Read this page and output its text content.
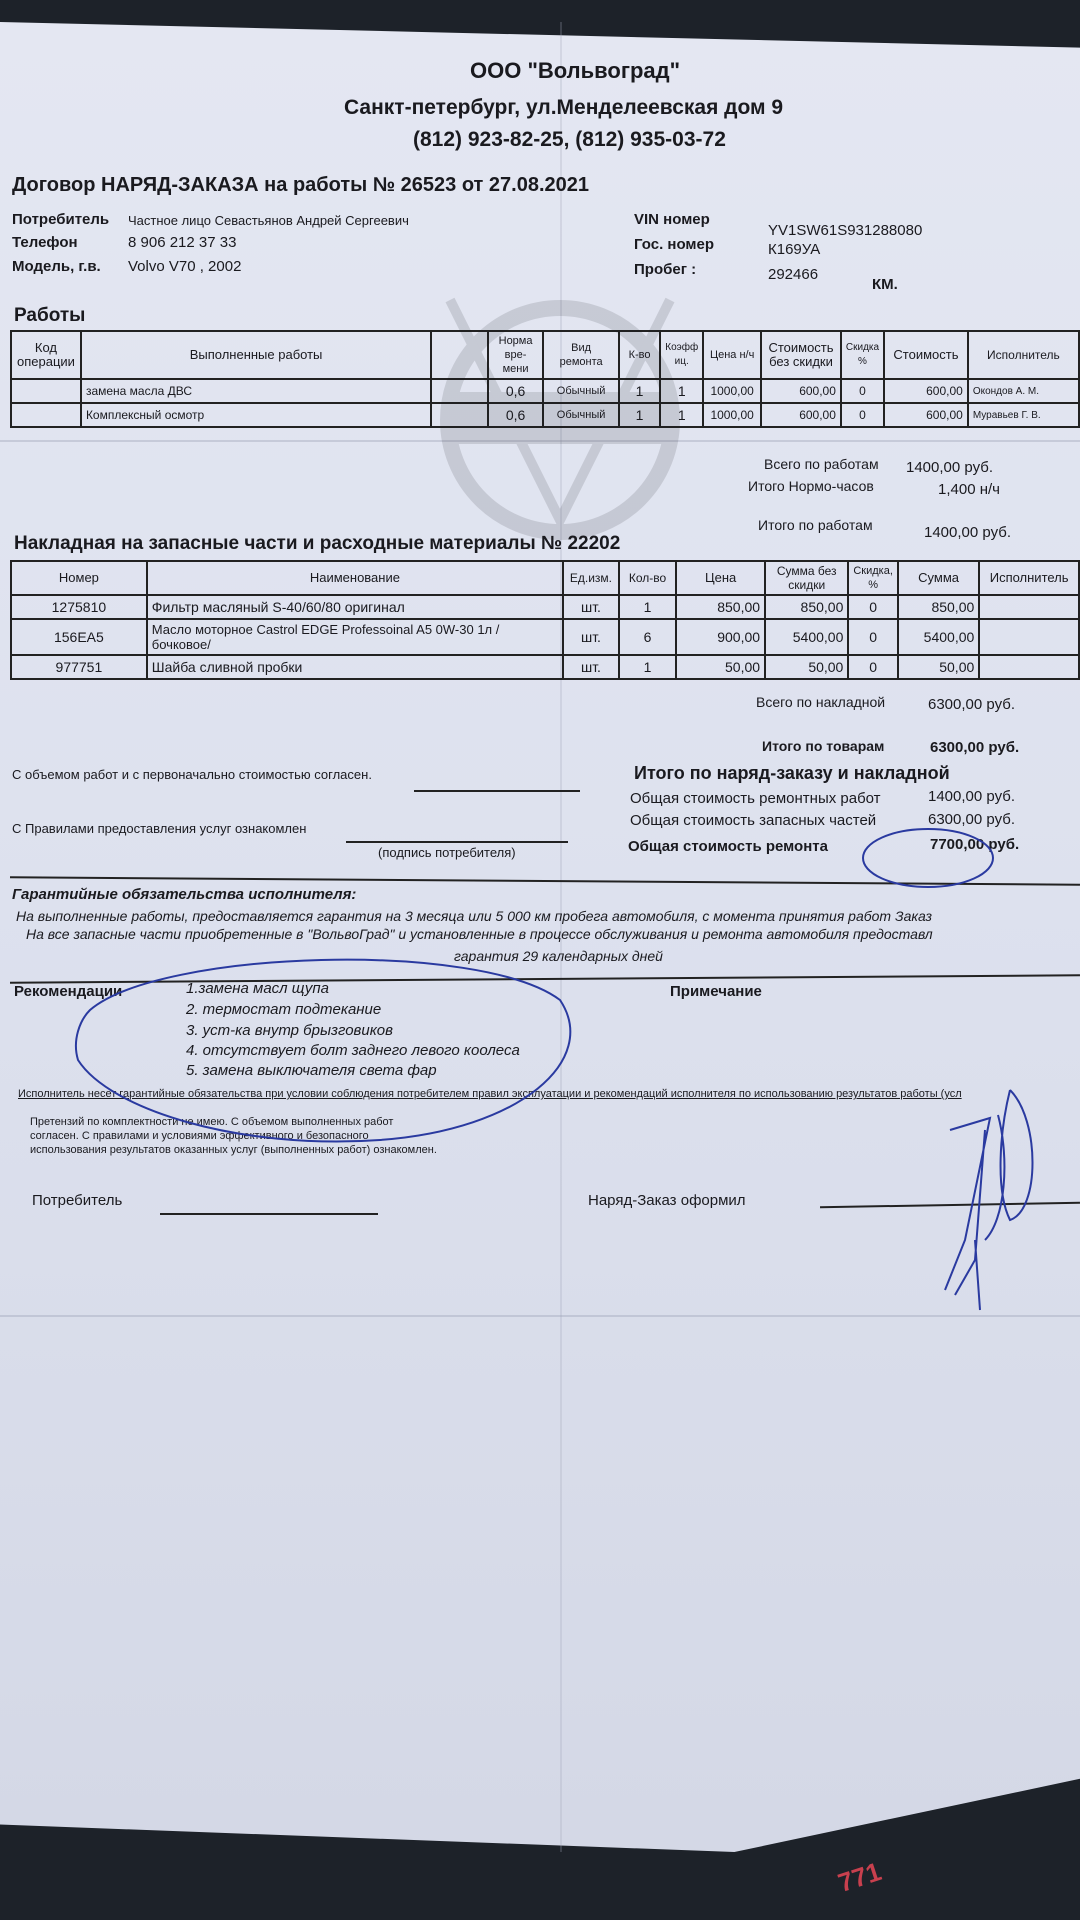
ООО "Вольвоград"
Санкт-петербург, ул.Менделеевская дом 9
(812) 923-82-25, (812) 935-03-72
Договор НАРЯД-ЗАКАЗА на работы № 26523 от 27.08.2021
Потребитель Частное лицо Севастьянов Андрей Сергеевич
Телефон	8 906 212 37 33
Модель, г.в. Volvo V70 , 2002
VIN номер
YV1SW61S931288080
Гос. номер	К169УА
Пробег :	292466
КМ.
Работы
Код операции	Выполненные работы		Норма вре-мени	Вид ремонта	К-во	Коэфф иц.	Цена н/ч	Стоимость без скидки	Скидка %	Стоимость	Исполнитель
	замена масла ДВС		0,6	Обычный	1	1	1000,00	600,00	0	600,00	Окондов А. М.
	Комплексный осмотр		0,6	Обычный	1	1	1000,00	600,00	0	600,00	Муравьев Г. В.
Всего по работам 1400,00 руб.
Итого Нормо-часов	1,400 н/ч
Итого по работам	1400,00 руб.
Накладная на запасные части и расходные материалы № 22202
Номер	Наименование	Ед.изм.	Кол-во	Цена	Сумма без скидки	Скидка, %	Сумма	Исполнитель
1275810	Фильтр масляный S-40/60/80 оригинал	шт.	1	850,00	850,00	0	850,00	
156EA5	Масло моторное Castrol EDGE Professoinal A5 0W-30 1л /бочковое/	шт.	6	900,00	5400,00	0	5400,00	
977751	Шайба сливной пробки	шт.	1	50,00	50,00	0	50,00	
Всего по накладной	6300,00 руб.
Итого по товарам	6300,00 руб.
С объемом работ и с первоначально стоимостью согласен.
С Правилами предоставления услуг ознакомлен
(подпись потребителя)
Итого по наряд-заказу и накладной
Общая стоимость ремонтных работ	1400,00 руб.
Общая стоимость запасных частей	6300,00 руб.
Общая стоимость ремонта	7700,00 руб.
Гарантийные обязательства исполнителя:
На выполненные работы, предоставляется гарантия на 3 месяца или 5 000 км пробега автомобиля, с момента принятия работ Заказ
На все запасные части приобретенные в "ВольвоГрад" и установленные в процессе обслуживания и ремонта автомобиля предоставл
гарантия 29 календарных дней
Рекомендации	1.замена масл щупа
2. термостат подтекание
3. уст-ка внутр брызговиков
4. отсутствует болт заднего левого коолеса
5. замена выключателя света фар
Примечание
Исполнитель несет гарантийные обязательства при условии соблюдения потребителем правил эксплуатации и рекомендаций исполнителя по использованию результатов работы (усл
Претензий по комплектности не имею. С объемом выполненных работ
согласен. С правилами и условиями эффективного и безопасного
использования результатов оказанных услуг (выполненных работ) ознакомлен.
Потребитель	Наряд-Заказ оформил
771
